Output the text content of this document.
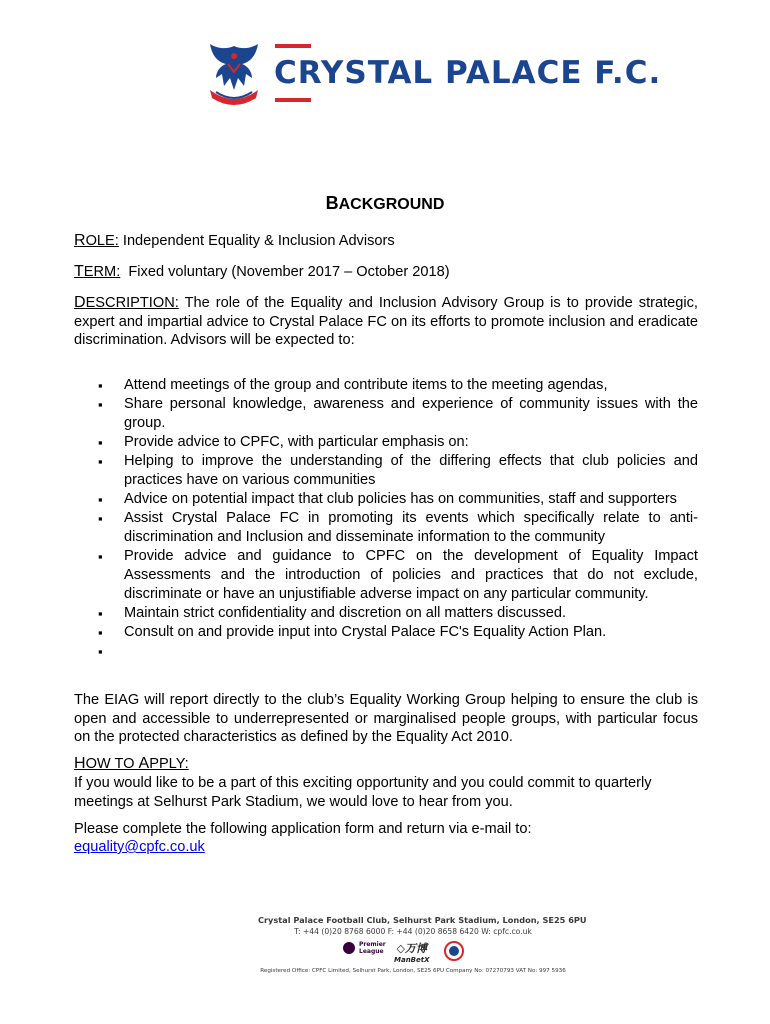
CRYSTAL PALACE F.C.
BACKGROUND
ROLE: Independent Equality & Inclusion Advisors
TERM: Fixed voluntary (November 2017 – October 2018)
DESCRIPTION: The role of the Equality and Inclusion Advisory Group is to provide strategic, expert and impartial advice to Crystal Palace FC on its efforts to promote inclusion and eradicate discrimination. Advisors will be expected to:
▪ Attend meetings of the group and contribute items to the meeting agendas,
▪ Share personal knowledge, awareness and experience of community issues with the group.
▪ Provide advice to CPFC, with particular emphasis on:
▪ Helping to improve the understanding of the differing effects that club policies and practices have on various communities
▪ Advice on potential impact that club policies has on communities, staff and supporters
▪ Assist Crystal Palace FC in promoting its events which specifically relate to anti-discrimination and Inclusion and disseminate information to the community
▪ Provide advice and guidance to CPFC on the development of Equality Impact Assessments and the introduction of policies and practices that do not exclude, discriminate or have an unjustifiable adverse impact on any particular community.
▪ Maintain strict confidentiality and discretion on all matters discussed.
▪ Consult on and provide input into Crystal Palace FC's Equality Action Plan.
▪
The EIAG will report directly to the club’s Equality Working Group helping to ensure the club is open and accessible to underrepresented or marginalised people groups, with particular focus on the protected characteristics as defined by the Equality Act 2010.
HOW TO APPLY:
If you would like to be a part of this exciting opportunity and you could commit to quarterly meetings at Selhurst Park Stadium, we would love to hear from you.
Please complete the following application form and return via e-mail to:
equality@cpfc.co.uk
Crystal Palace Football Club, Selhurst Park Stadium, London, SE25 6PU
T: +44 (0)20 8768 6000 F: +44 (0)20 8658 6420 W: cpfc.co.uk
Premier League ◇万博
ManBetX
Registered Office: CPFC Limited, Selhurst Park, London, SE25 6PU Company No: 07270793 VAT No: 997 5936
